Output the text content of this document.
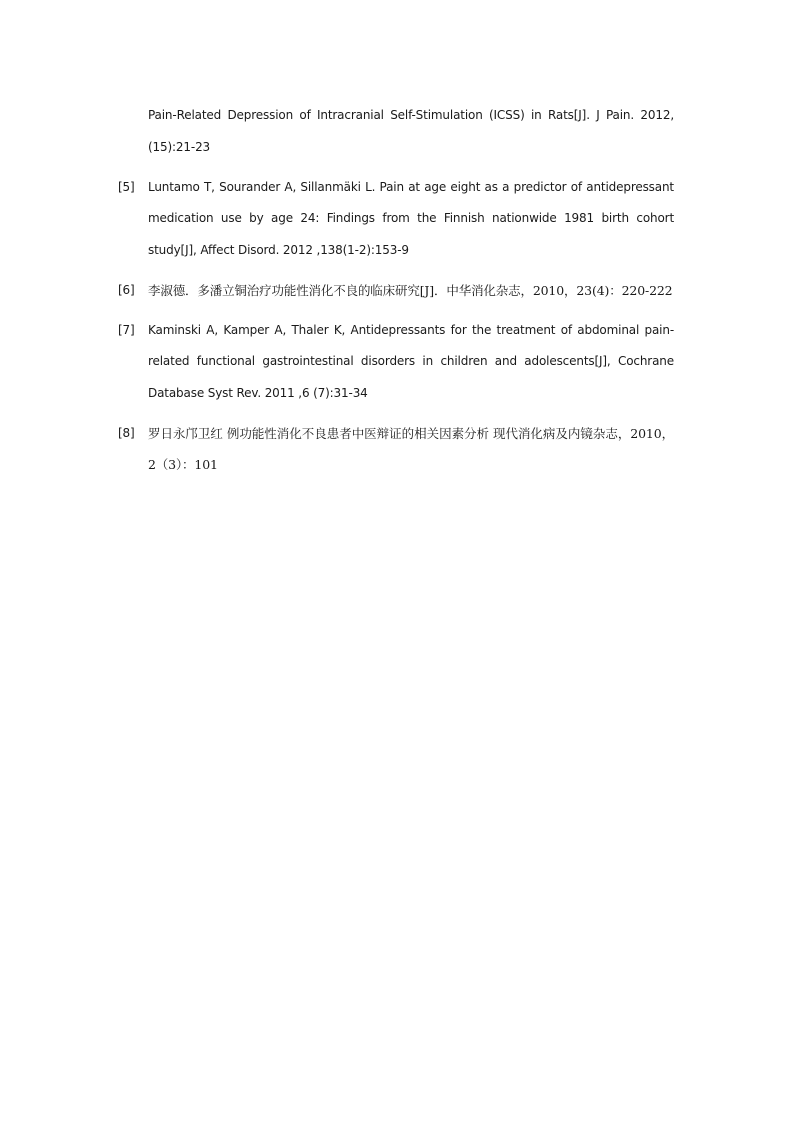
Pain-Related Depression of Intracranial Self-Stimulation (ICSS) in Rats[J]. J Pain. 2012,(15):21-23
[5] Luntamo T, Sourander A, Sillanmäki L. Pain at age eight as a predictor of antidepressant medication use by age 24: Findings from the Finnish nationwide 1981 birth cohort study[J], Affect Disord. 2012 ,138(1-2):153-9
[6] 李淑德．多潘立铜治疗功能性消化不良的临床研究[J]．中华消化杂志，2010，23(4)：220-222
[7] Kaminski A, Kamper A, Thaler K, Antidepressants for the treatment of abdominal pain-related functional gastrointestinal disorders in children and adolescents[J], Cochrane Database Syst Rev. 2011 ,6 (7):31-34
[8] 罗日永邝卫红 例功能性消化不良患者中医辩证的相关因素分析 现代消化病及内镜杂志，2010，2（3）：101
